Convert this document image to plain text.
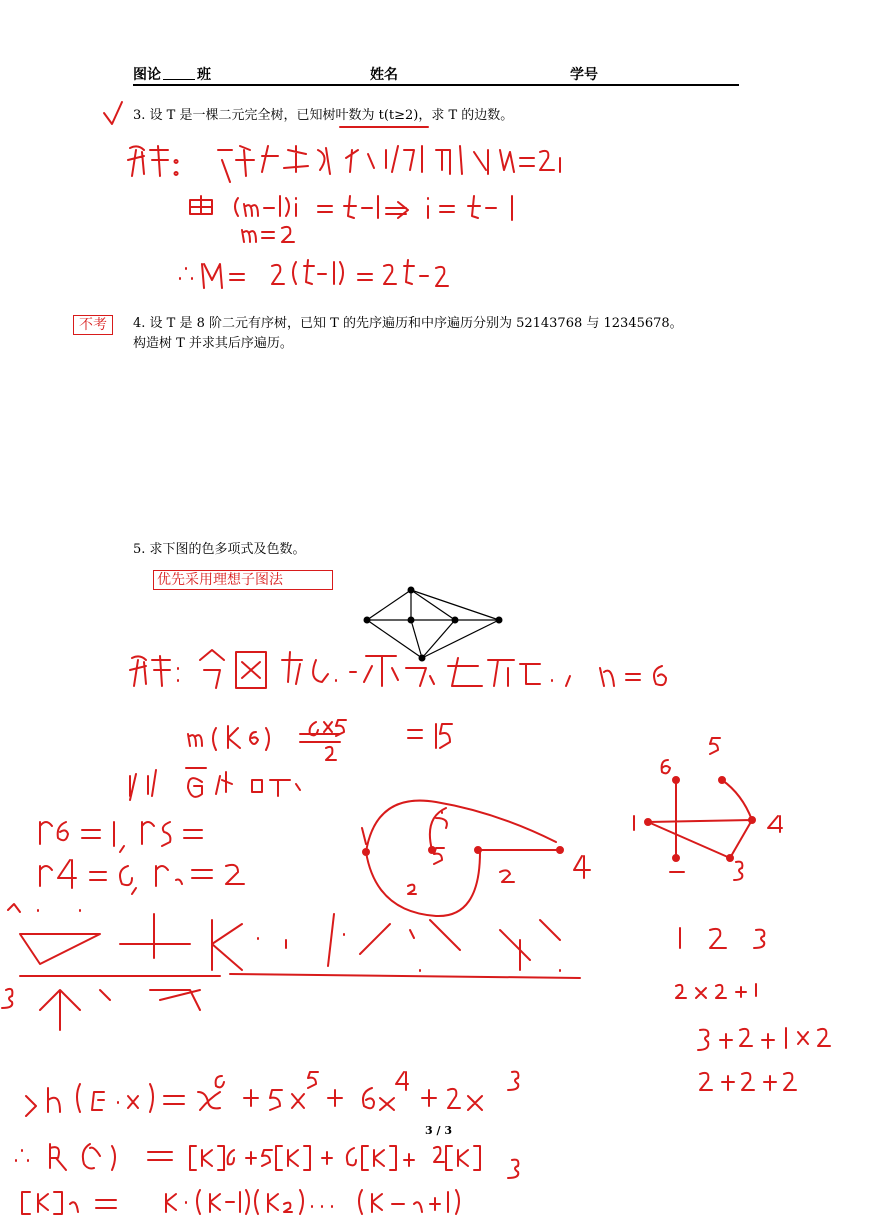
图论	班	姓名	学号
3. 设 T 是一棵二元完全树，已知树叶数为 t(t≥2)，求 T 的边数。
4. 设 T 是 8 阶二元有序树，已知 T 的先序遍历和中序遍历分别为 52143768 与 12345678。
构造树 T 并求其后序遍历。
5. 求下图的色多项式及色数。
不考
优先采用理想子图法
3 / 3
